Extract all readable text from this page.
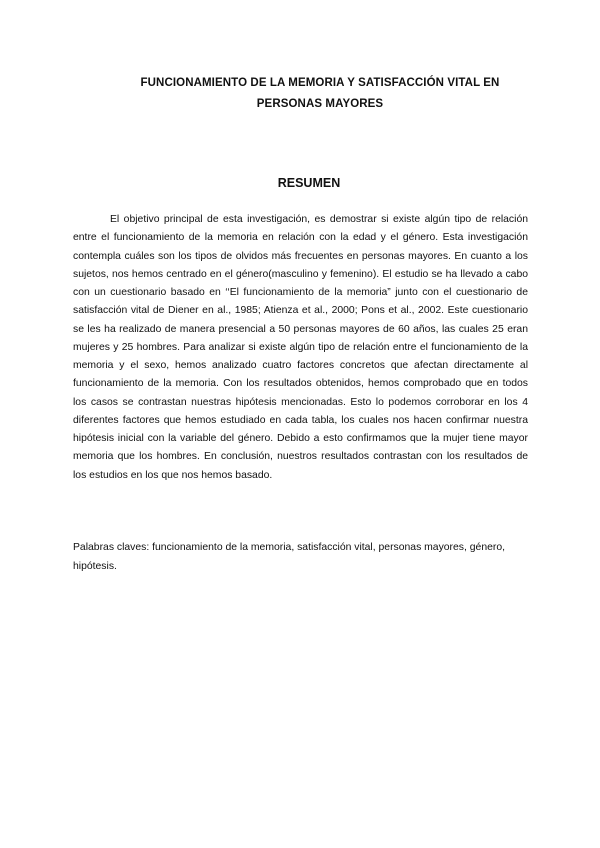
FUNCIONAMIENTO DE LA MEMORIA Y SATISFACCIÓN VITAL EN
PERSONAS MAYORES
RESUMEN

El objetivo principal de esta investigación, es demostrar si existe algún tipo de relación entre el funcionamiento de la memoria en relación con la edad y el género. Esta investigación contempla cuáles son los tipos de olvidos más frecuentes en personas mayores. En cuanto a los sujetos, nos hemos centrado en el género(masculino y femenino). El estudio se ha llevado a cabo con un cuestionario basado en ‘‘El funcionamiento de la memoria” junto con el cuestionario de satisfacción vital de Diener en al., 1985; Atienza et al., 2000; Pons et al., 2002. Este cuestionario se les ha realizado de manera presencial a 50 personas mayores de 60 años, las cuales 25 eran mujeres y 25 hombres. Para analizar si existe algún tipo de relación entre el funcionamiento de la memoria y el sexo, hemos analizado cuatro factores concretos que afectan directamente al funcionamiento de la memoria. Con los resultados obtenidos, hemos comprobado que en todos los casos se contrastan nuestras hipótesis mencionadas. Esto lo podemos corroborar en los 4 diferentes factores que hemos estudiado en cada tabla, los cuales nos hacen confirmar nuestra hipótesis inicial con la variable del género. Debido a esto confirmamos que la mujer tiene mayor memoria que los hombres. En conclusión, nuestros resultados contrastan con los resultados de los estudios en los que nos hemos basado.

Palabras claves: funcionamiento de la memoria, satisfacción vital, personas mayores, género, hipótesis.
